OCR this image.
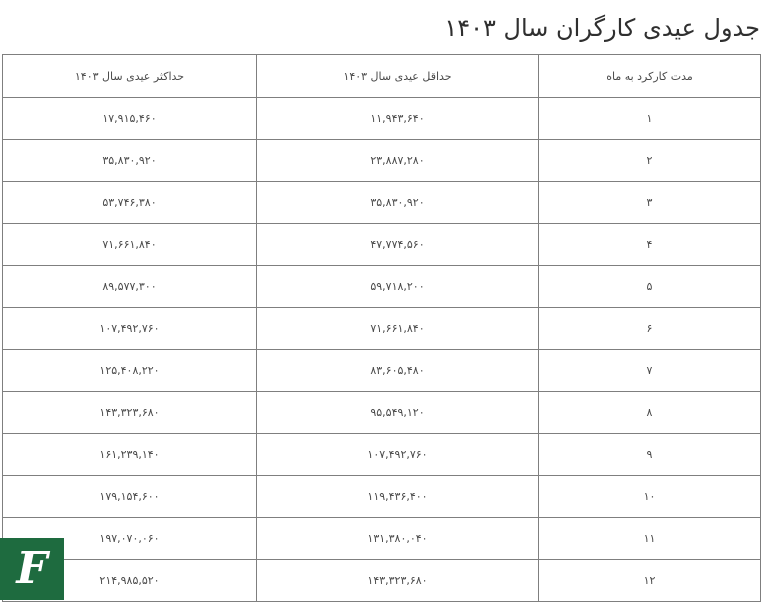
جدول عیدی کارگران سال ۱۴۰۳
مدت کارکرد به ماه	حداقل عیدی سال ۱۴۰۳	حداکثر عیدی سال ۱۴۰۳
۱	۱۱,۹۴۳,۶۴۰	۱۷,۹۱۵,۴۶۰
۲	۲۳,۸۸۷,۲۸۰	۳۵,۸۳۰,۹۲۰
۳	۳۵,۸۳۰,۹۲۰	۵۳,۷۴۶,۳۸۰
۴	۴۷,۷۷۴,۵۶۰	۷۱,۶۶۱,۸۴۰
۵	۵۹,۷۱۸,۲۰۰	۸۹,۵۷۷,۳۰۰
۶	۷۱,۶۶۱,۸۴۰	۱۰۷,۴۹۲,۷۶۰
۷	۸۳,۶۰۵,۴۸۰	۱۲۵,۴۰۸,۲۲۰
۸	۹۵,۵۴۹,۱۲۰	۱۴۳,۳۲۳,۶۸۰
۹	۱۰۷,۴۹۲,۷۶۰	۱۶۱,۲۳۹,۱۴۰
۱۰	۱۱۹,۴۳۶,۴۰۰	۱۷۹,۱۵۴,۶۰۰
۱۱	۱۳۱,۳۸۰,۰۴۰	۱۹۷,۰۷۰,۰۶۰
۱۲	۱۴۳,۳۲۳,۶۸۰	۲۱۴,۹۸۵,۵۲۰
F
